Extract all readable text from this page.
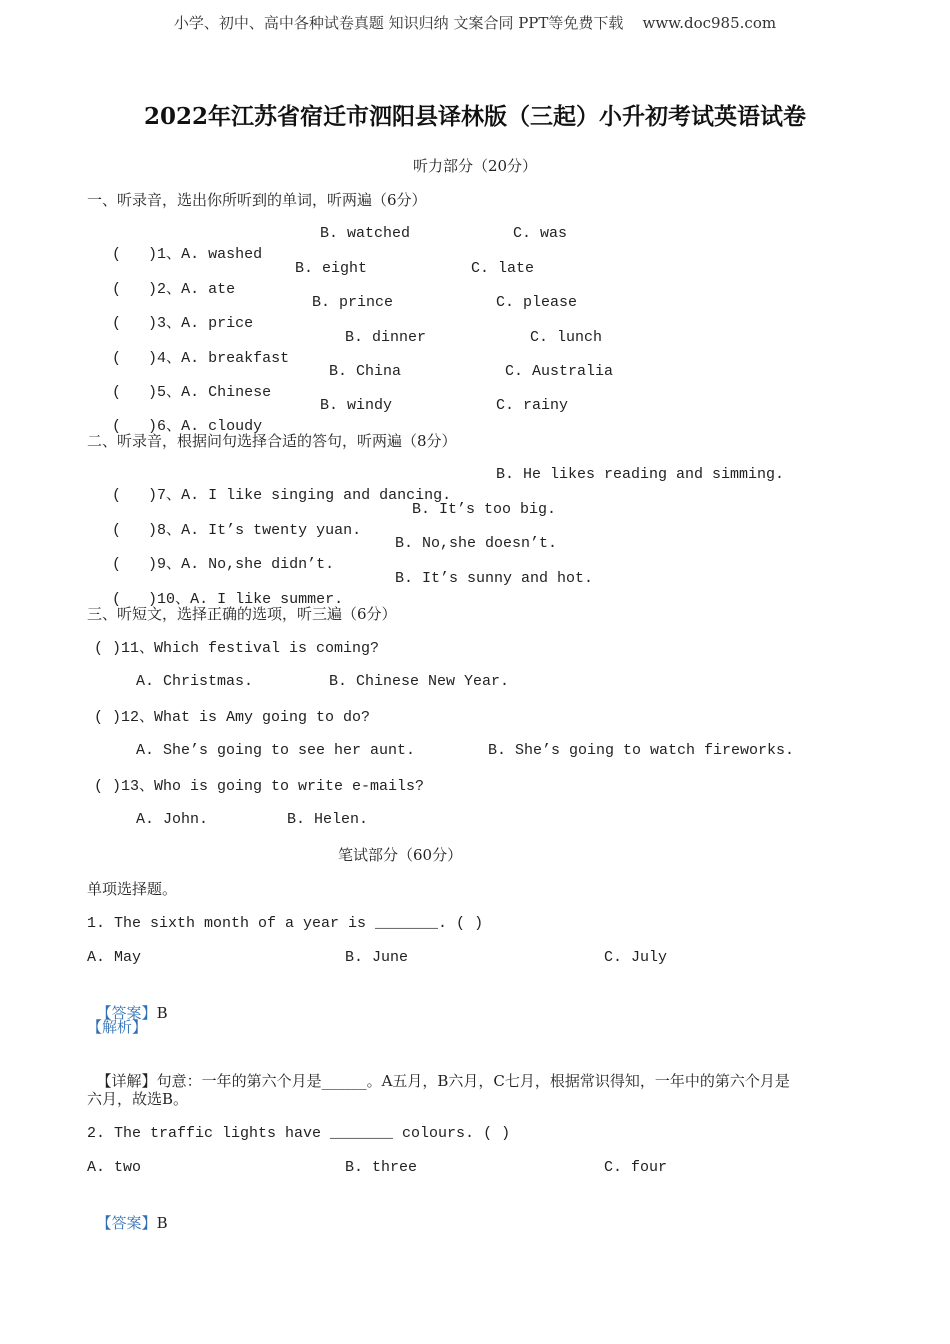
小学、初中、高中各种试卷真题 知识归纳 文案合同 PPT等免费下载    www.doc985.com
2022年江苏省宿迁市泗阳县译林版（三起）小升初考试英语试卷
听力部分（20分）
一、听录音，选出你所听到的单词，听两遍（6分）

(   )1、A. washed

B. watched	C. was

(   )2、A. ate

B. eight	C. late

(   )3、A. price

B. prince	C. please

(   )4、A. breakfast

B. dinner	C. lunch

(   )5、A. Chinese

B. China	C. Australia

(   )6、A. cloudy

B. windy	C. rainy
二、听录音，根据问句选择合适的答句，听两遍（8分）

(   )7、A. I like singing and dancing.

B. He likes reading and simming.

(   )8、A. It’s twenty yuan.

B. It’s too big.

(   )9、A. No,she didn’t.

B. No,she doesn’t.

(   )10、A. I like summer.

B. It’s sunny and hot.
三、听短文，选择正确的选项，听三遍（6分）
( )11、Which festival is coming?
A. Christmas.	B. Chinese New Year.
( )12、What is Amy going to do?
A. She’s going to see her aunt.	B. She’s going to watch fireworks.
( )13、Who is going to write e-mails?
A. John.	B. Helen.
笔试部分（60分）
单项选择题。
1. The sixth month of a year is _______. ( )
A. May	B. June	C. July

【答案】B

【解析】

【详解】句意：一年的第六个月是______。A五月，B六月，C七月，根据常识得知，一年中的第六个月是

六月，故选B。
2. The traffic lights have _______ colours. ( )
A. two	B. three	C. four

【答案】B
